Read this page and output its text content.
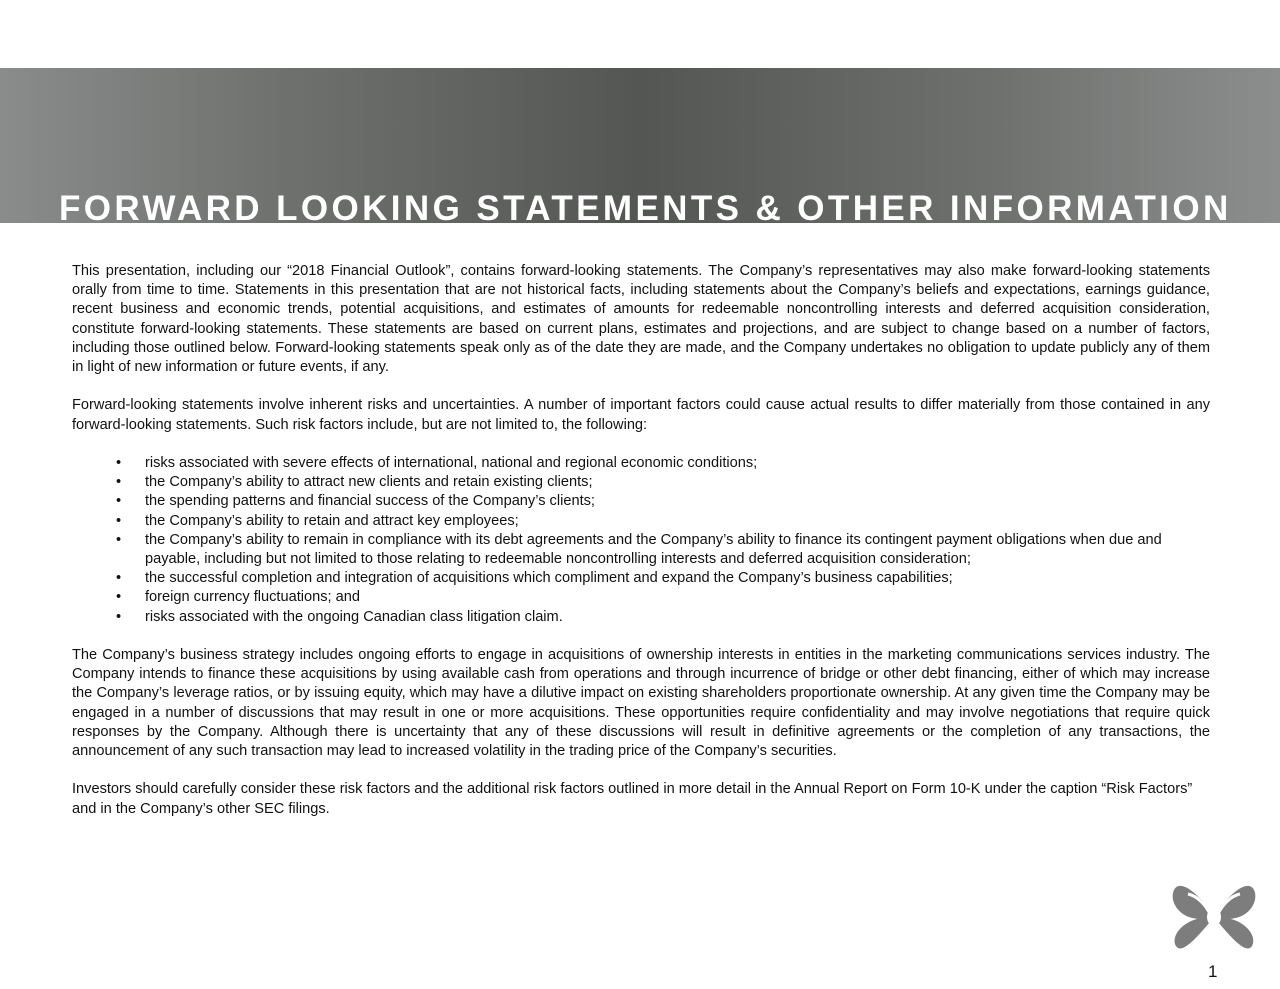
FORWARD LOOKING STATEMENTS & OTHER INFORMATION

This presentation, including our “2018 Financial Outlook”, contains forward-looking statements. The Company’s representatives may also make forward-looking statements orally from time to time. Statements in this presentation that are not historical facts, including statements about the Company’s beliefs and expectations, earnings guidance, recent business and economic trends, potential acquisitions, and estimates of amounts for redeemable noncontrolling interests and deferred acquisition consideration, constitute forward-looking statements. These statements are based on current plans, estimates and projections, and are subject to change based on a number of factors, including those outlined below. Forward-looking statements speak only as of the date they are made, and the Company undertakes no obligation to update publicly any of them in light of new information or future events, if any.

Forward-looking statements involve inherent risks and uncertainties. A number of important factors could cause actual results to differ materially from those contained in any forward-looking statements. Such risk factors include, but are not limited to, the following:

• risks associated with severe effects of international, national and regional economic conditions;
• the Company’s ability to attract new clients and retain existing clients;
• the spending patterns and financial success of the Company’s clients;
• the Company’s ability to retain and attract key employees;
• the Company’s ability to remain in compliance with its debt agreements and the Company’s ability to finance its contingent payment obligations when due and payable, including but not limited to those relating to redeemable noncontrolling interests and deferred acquisition consideration;
• the successful completion and integration of acquisitions which compliment and expand the Company’s business capabilities;
• foreign currency fluctuations; and
• risks associated with the ongoing Canadian class litigation claim.

The Company’s business strategy includes ongoing efforts to engage in acquisitions of ownership interests in entities in the marketing communications services industry. The Company intends to finance these acquisitions by using available cash from operations and through incurrence of bridge or other debt financing, either of which may increase the Company’s leverage ratios, or by issuing equity, which may have a dilutive impact on existing shareholders proportionate ownership. At any given time the Company may be engaged in a number of discussions that may result in one or more acquisitions. These opportunities require confidentiality and may involve negotiations that require quick responses by the Company. Although there is uncertainty that any of these discussions will result in definitive agreements or the completion of any transactions, the announcement of any such transaction may lead to increased volatility in the trading price of the Company’s securities.

Investors should carefully consider these risk factors and the additional risk factors outlined in more detail in the Annual Report on Form 10-K under the caption “Risk Factors” and in the Company’s other SEC filings.

1
